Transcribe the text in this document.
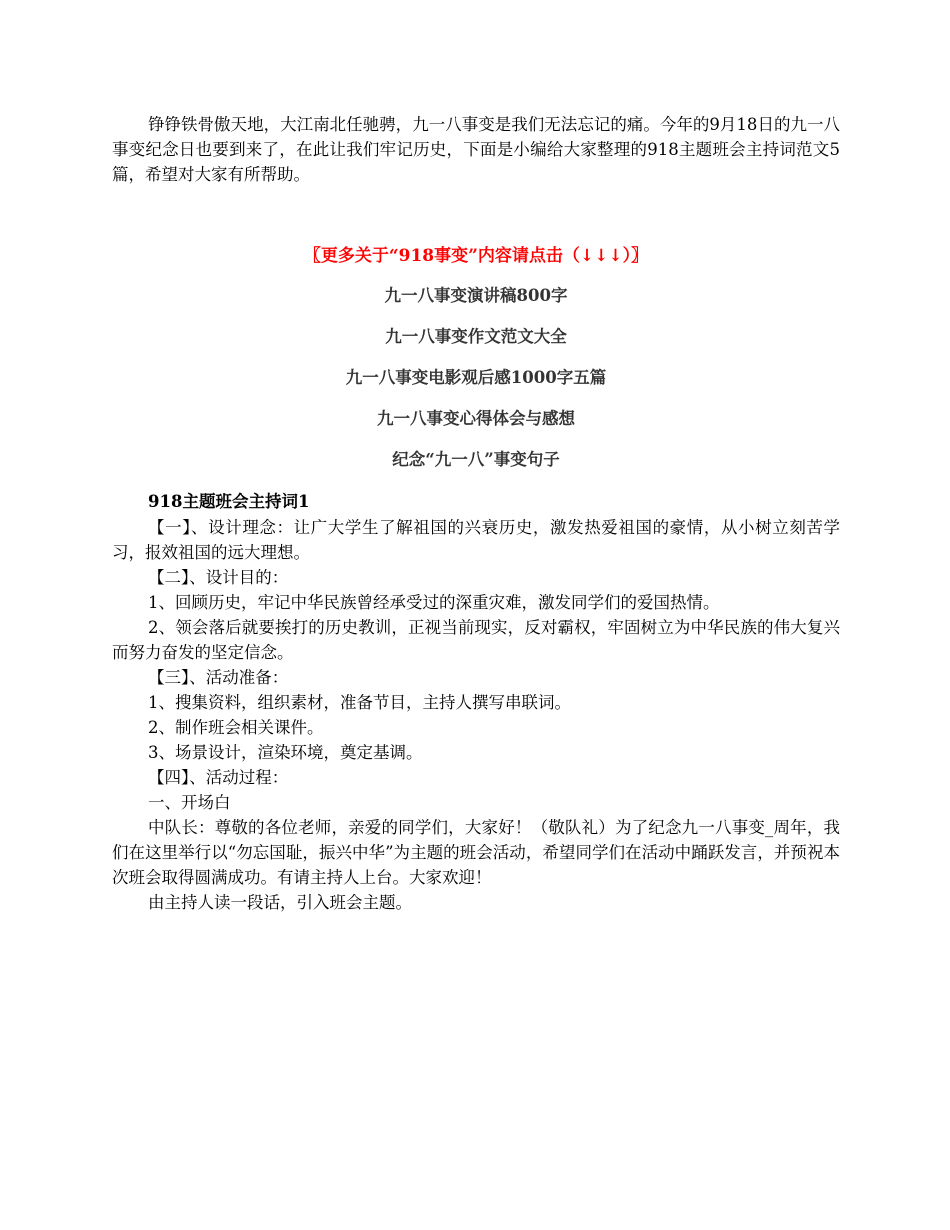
铮铮铁骨傲天地，大江南北任驰骋，九一八事变是我们无法忘记的痛。今年的9月18日的九一八事变纪念日也要到来了，在此让我们牢记历史，下面是小编给大家整理的918主题班会主持词范文5篇，希望对大家有所帮助。

〖更多关于“918事变”内容请点击（↓↓↓）〗

九一八事变演讲稿800字

九一八事变作文范文大全

九一八事变电影观后感1000字五篇

九一八事变心得体会与感想

纪念“九一八”事变句子

918主题班会主持词1

【一】、设计理念：让广大学生了解祖国的兴衰历史，激发热爱祖国的豪情，从小树立刻苦学习，报效祖国的远大理想。

【二】、设计目的：

1、回顾历史，牢记中华民族曾经承受过的深重灾难，激发同学们的爱国热情。

2、领会落后就要挨打的历史教训，正视当前现实，反对霸权，牢固树立为中华民族的伟大复兴而努力奋发的坚定信念。

【三】、活动准备：

1、搜集资料，组织素材，准备节目，主持人撰写串联词。

2、制作班会相关课件。

3、场景设计，渲染环境，奠定基调。

【四】、活动过程：

一、开场白

中队长：尊敬的各位老师，亲爱的同学们，大家好！（敬队礼）为了纪念九一八事变_周年，我们在这里举行以“勿忘国耻，振兴中华”为主题的班会活动，希望同学们在活动中踊跃发言，并预祝本次班会取得圆满成功。有请主持人上台。大家欢迎！

由主持人读一段话，引入班会主题。
